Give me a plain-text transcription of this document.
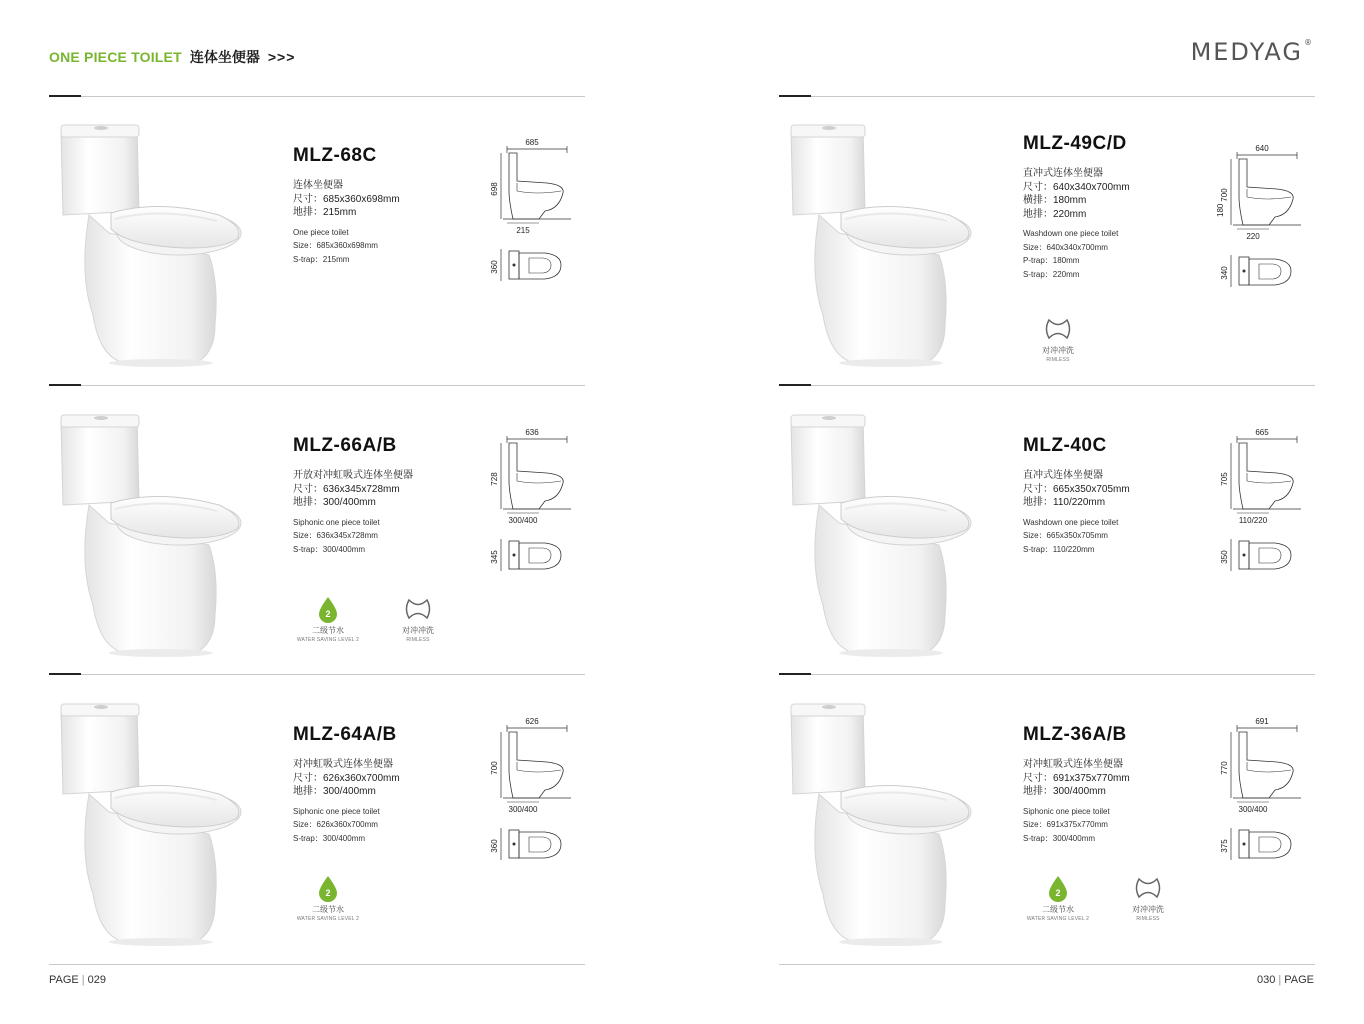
ONE PIECE TOILET 连体坐便器 >>>	MEDYAG®
MLZ-68C
连体坐便器
尺寸：685x360x698mm
地排：215mm
One piece toilet
Size：685x360x698mm
S-trap：215mm
685
698
215
360
MLZ-49C/D
直冲式连体坐便器
尺寸：640x340x700mm
横排：180mm
地排：220mm
Washdown one piece toilet
Size：640x340x700mm
P-trap：180mm
S-trap：220mm
640
700
180
220
340
对冲冲洗
RIMLESS
MLZ-66A/B
开放对冲虹吸式连体坐便器
尺寸：636x345x728mm
地排：300/400mm
Siphonic one piece toilet
Size：636x345x728mm
S-trap：300/400mm
636
728
300/400
345
2
二级节水
WATER SAVING LEVEL 2
对冲冲洗
RIMLESS
MLZ-40C
直冲式连体坐便器
尺寸：665x350x705mm
地排：110/220mm
Washdown one piece toilet
Size：665x350x705mm
S-trap：110/220mm
665
705
110/220
350
MLZ-64A/B
对冲虹吸式连体坐便器
尺寸：626x360x700mm
地排：300/400mm
Siphonic one piece toilet
Size：626x360x700mm
S-trap：300/400mm
626
700
300/400
360
2
二级节水
WATER SAVING LEVEL 2
MLZ-36A/B
对冲虹吸式连体坐便器
尺寸：691x375x770mm
地排：300/400mm
Siphonic one piece toilet
Size：691x375x770mm
S-trap：300/400mm
691
770
300/400
375
2
二级节水
WATER SAVING LEVEL 2
对冲冲洗
RIMLESS
PAGE | 029	030 | PAGE
